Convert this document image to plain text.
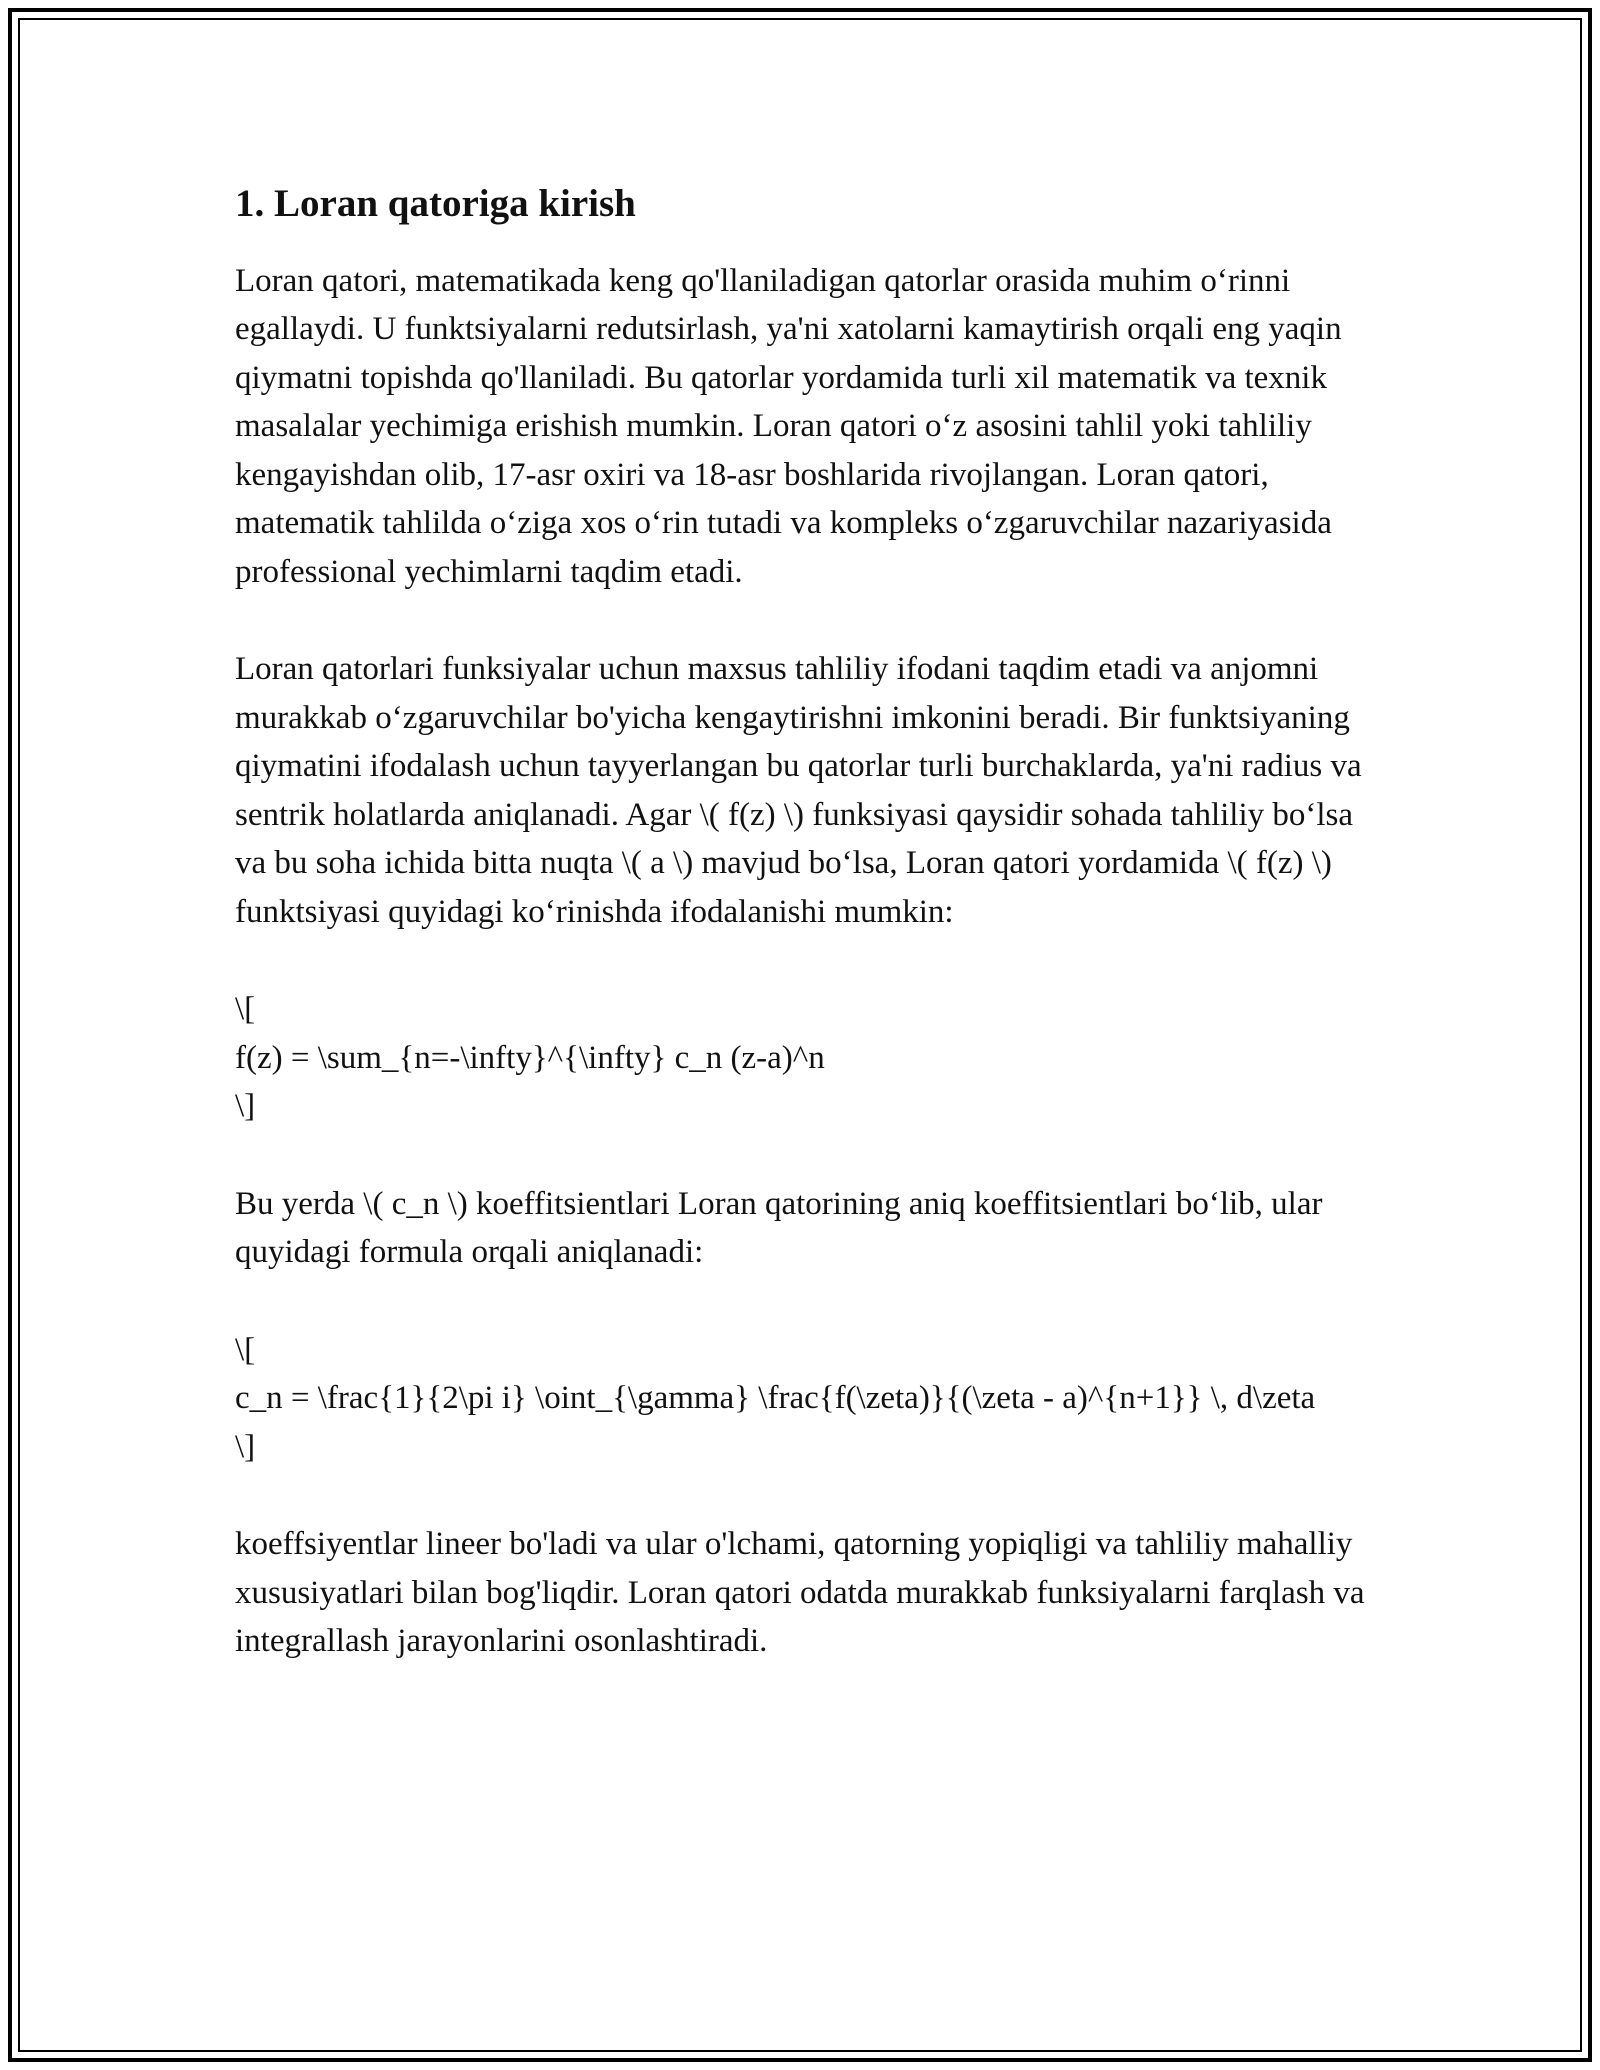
1. Loran qatoriga kirish

Loran qatori, matematikada keng qo'llaniladigan qatorlar orasida muhim o‘rinni egallaydi. U funktsiyalarni redutsirlash, ya'ni xatolarni kamaytirish orqali eng yaqin qiymatni topishda qo'llaniladi. Bu qatorlar yordamida turli xil matematik va texnik masalalar yechimiga erishish mumkin. Loran qatori o‘z asosini tahlil yoki tahliliy kengayishdan olib, 17-asr oxiri va 18-asr boshlarida rivojlangan. Loran qatori, matematik tahlilda o‘ziga xos o‘rin tutadi va kompleks o‘zgaruvchilar nazariyasida professional yechimlarni taqdim etadi.

Loran qatorlari funksiyalar uchun maxsus tahliliy ifodani taqdim etadi va anjomni murakkab o‘zgaruvchilar bo'yicha kengaytirishni imkonini beradi. Bir funktsiyaning qiymatini ifodalash uchun tayyerlangan bu qatorlar turli burchaklarda, ya'ni radius va sentrik holatlarda aniqlanadi. Agar \( f(z) \) funksiyasi qaysidir sohada tahliliy bo‘lsa va bu soha ichida bitta nuqta \( a \) mavjud bo‘lsa, Loran qatori yordamida \( f(z) \) funktsiyasi quyidagi ko‘rinishda ifodalanishi mumkin:

\[
f(z) = \sum_{n=-\infty}^{\infty} c_n (z-a)^n
\]

Bu yerda \( c_n \) koeffitsientlari Loran qatorining aniq koeffitsientlari bo‘lib, ular quyidagi formula orqali aniqlanadi:

\[
c_n = \frac{1}{2\pi i} \oint_{\gamma} \frac{f(\zeta)}{(\zeta - a)^{n+1}} \, d\zeta
\]

koeffsiyentlar lineer bo'ladi va ular o'lchami, qatorning yopiqligi va tahliliy mahalliy xususiyatlari bilan bog'liqdir. Loran qatori odatda murakkab funksiyalarni farqlash va integrallash jarayonlarini osonlashtiradi.
